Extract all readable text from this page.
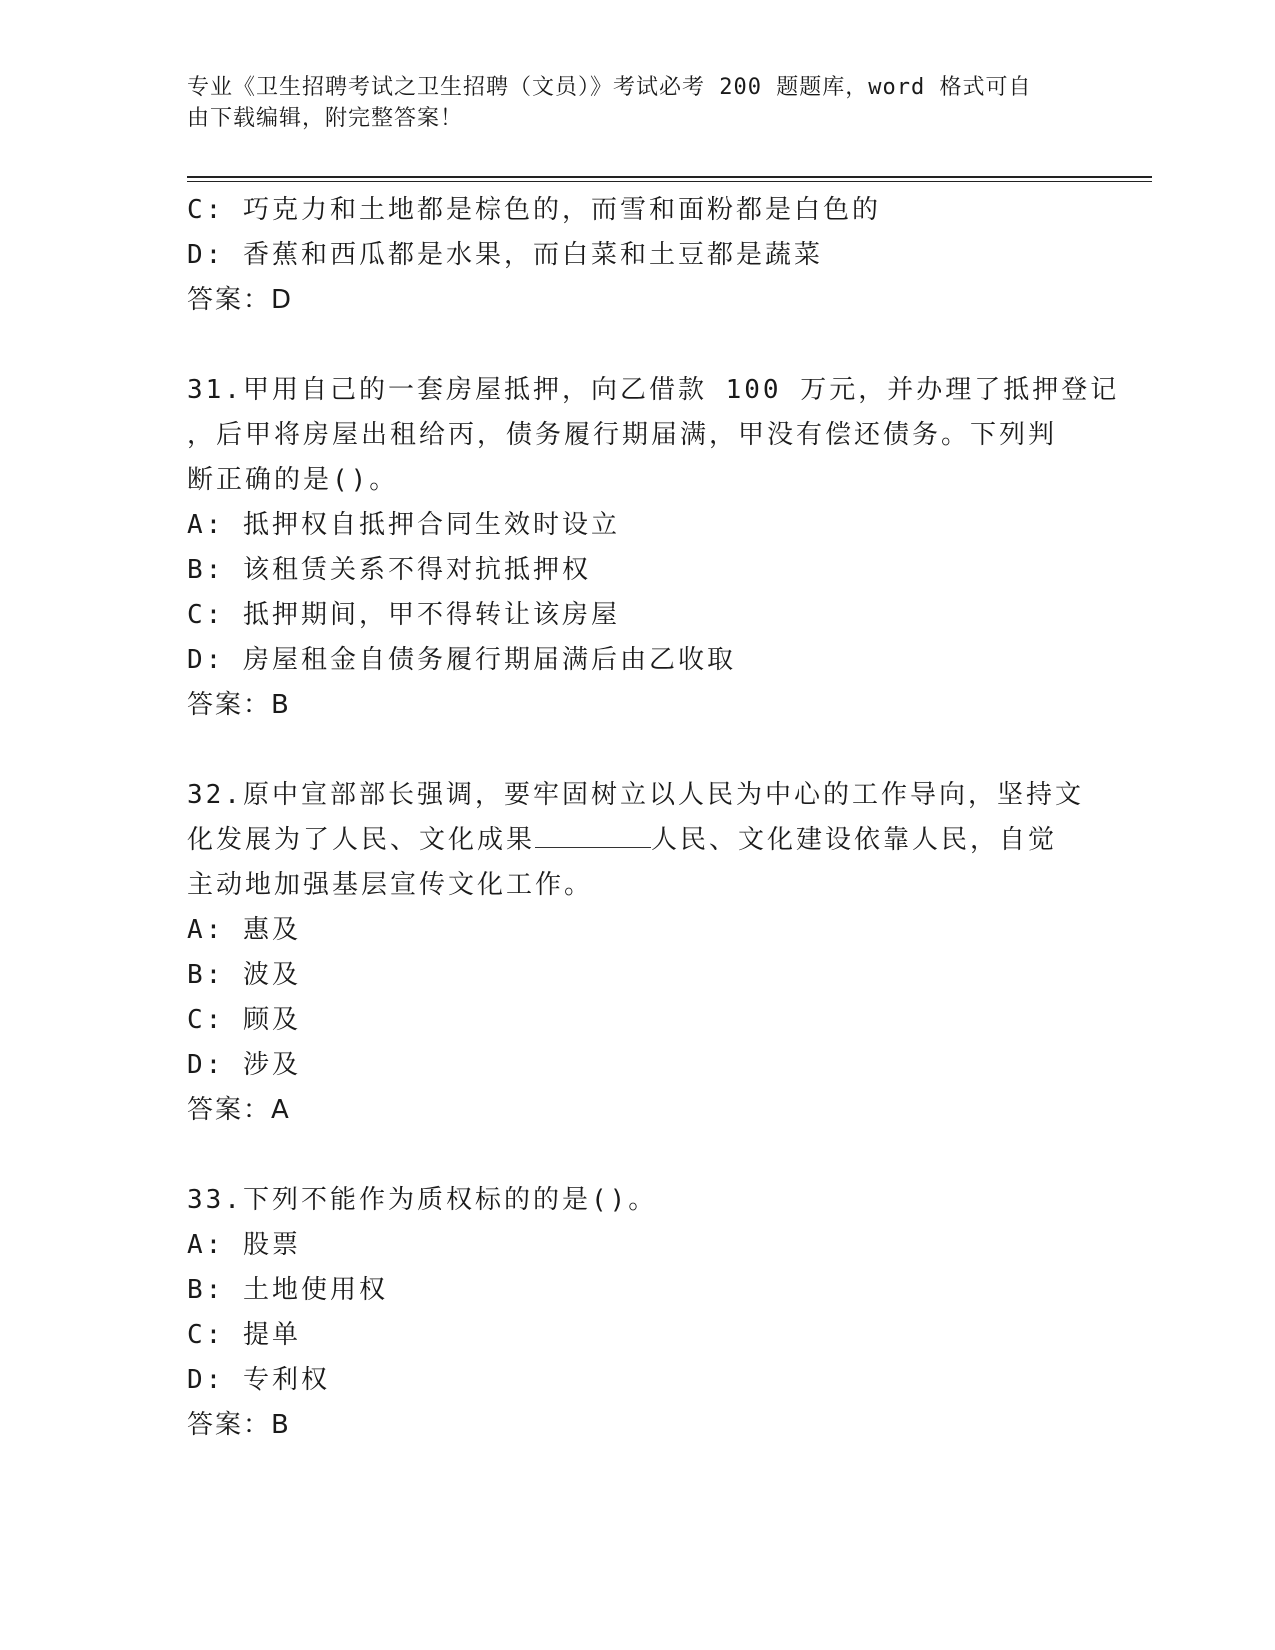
专业《卫生招聘考试之卫生招聘（文员）》考试必考 200 题题库，word 格式可自
由下载编辑，附完整答案！
C: 巧克力和土地都是棕色的，而雪和面粉都是白色的
D: 香蕉和西瓜都是水果，而白菜和土豆都是蔬菜
答案：D
31.甲用自己的一套房屋抵押，向乙借款 100 万元，并办理了抵押登记
，后甲将房屋出租给丙，债务履行期届满，甲没有偿还债务。下列判
断正确的是()。
A: 抵押权自抵押合同生效时设立
B: 该租赁关系不得对抗抵押权
C: 抵押期间，甲不得转让该房屋
D: 房屋租金自债务履行期届满后由乙收取
答案：B
32.原中宣部部长强调，要牢固树立以人民为中心的工作导向，坚持文
化发展为了人民、文化成果	人民、文化建设依靠人民，自觉
主动地加强基层宣传文化工作。
A: 惠及
B: 波及
C: 顾及
D: 涉及
答案：A
33.下列不能作为质权标的的是()。
A: 股票
B: 土地使用权
C: 提单
D: 专利权
答案：B
